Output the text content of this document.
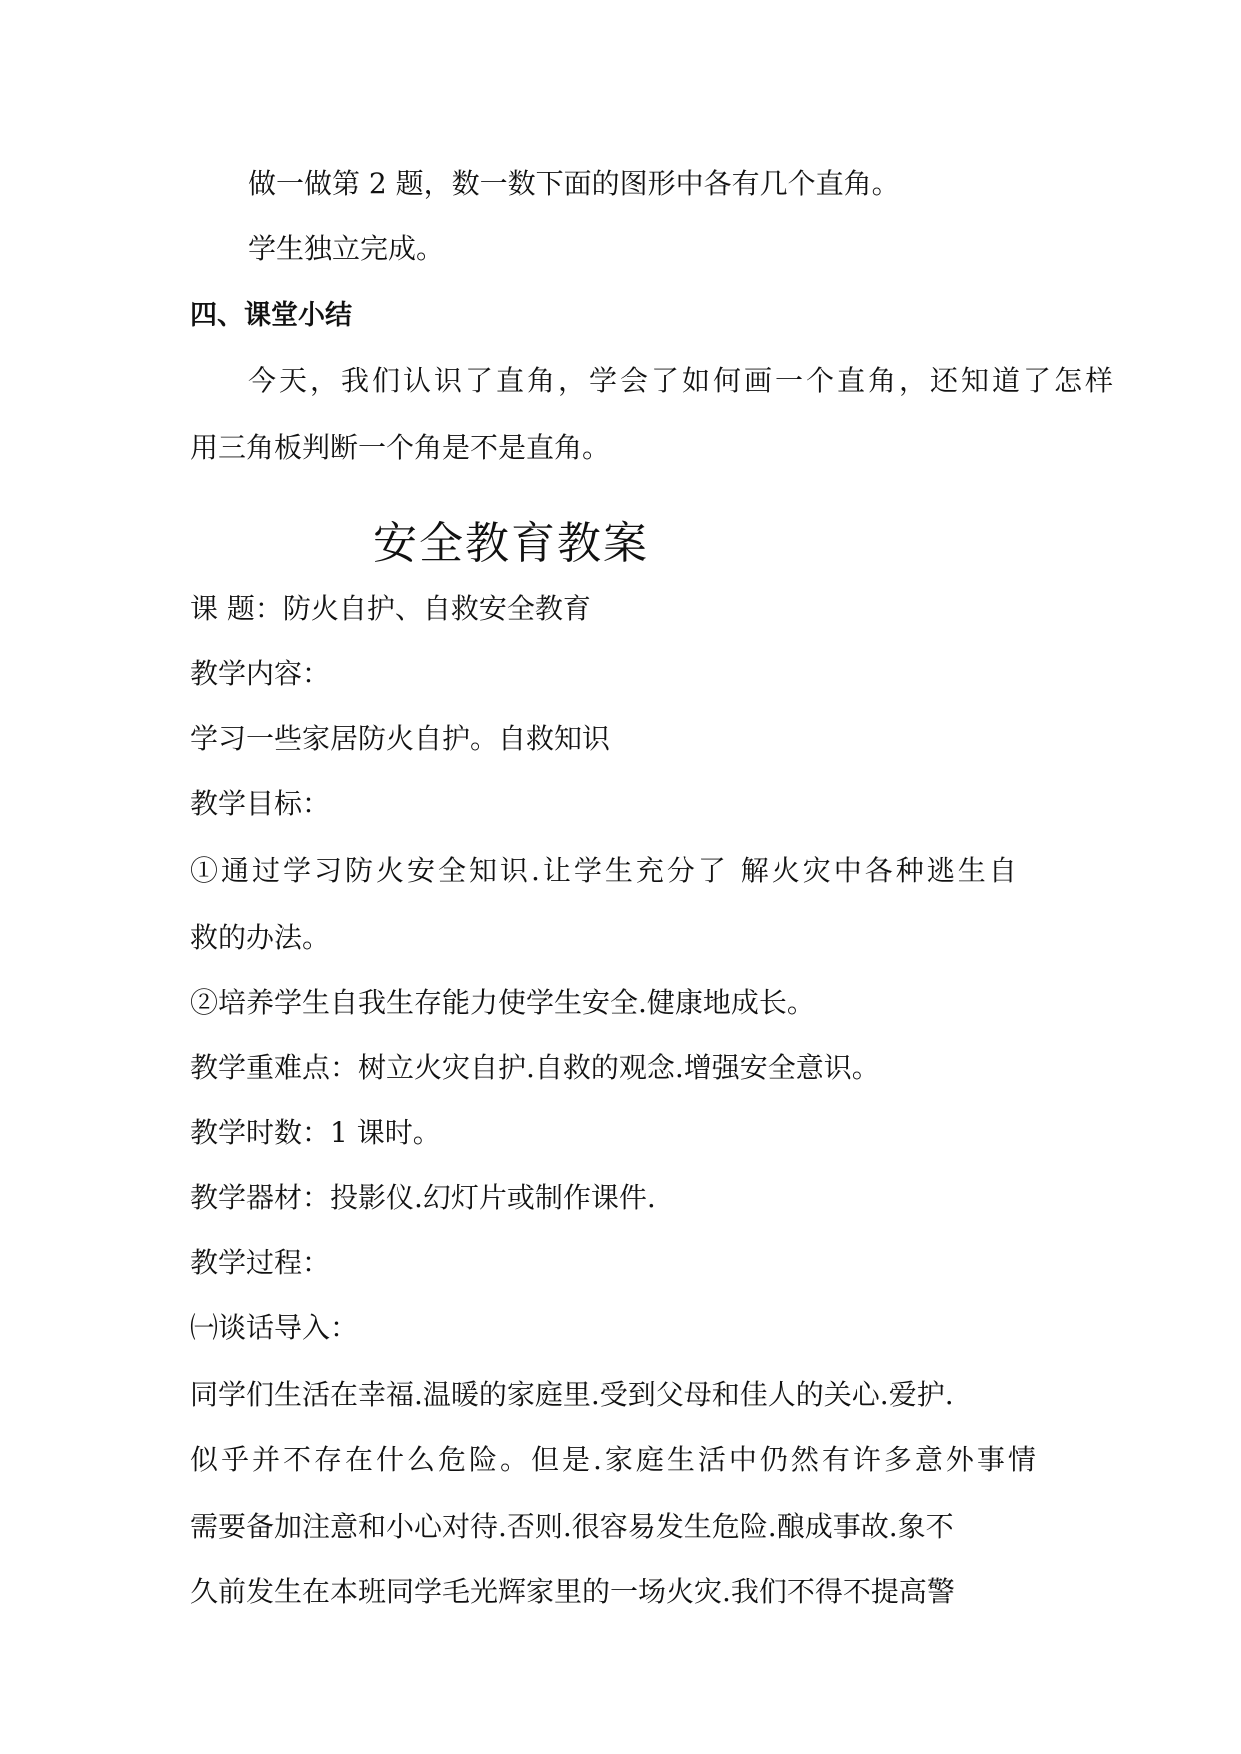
做一做第 2 题，数一数下面的图形中各有几个直角。
学生独立完成。
四、课堂小结
今天，我们认识了直角，学会了如何画一个直角，还知道了怎样
用三角板判断一个角是不是直角。
安全教育教案
课 题：防火自护、自救安全教育
教学内容：
学习一些家居防火自护。自救知识
教学目标：
①通过学习防火安全知识.让学生充分了 解火灾中各种逃生自
救的办法。
②培养学生自我生存能力使学生安全.健康地成长。
教学重难点：树立火灾自护.自救的观念.增强安全意识。
教学时数：1 课时。
教学器材：投影仪.幻灯片或制作课件.
教学过程：
㈠谈话导入：
同学们生活在幸福.温暖的家庭里.受到父母和佳人的关心.爱护.
似乎并不存在什么危险。但是.家庭生活中仍然有许多意外事情
需要备加注意和小心对待.否则.很容易发生危险.酿成事故.象不
久前发生在本班同学毛光辉家里的一场火灾.我们不得不提高警
